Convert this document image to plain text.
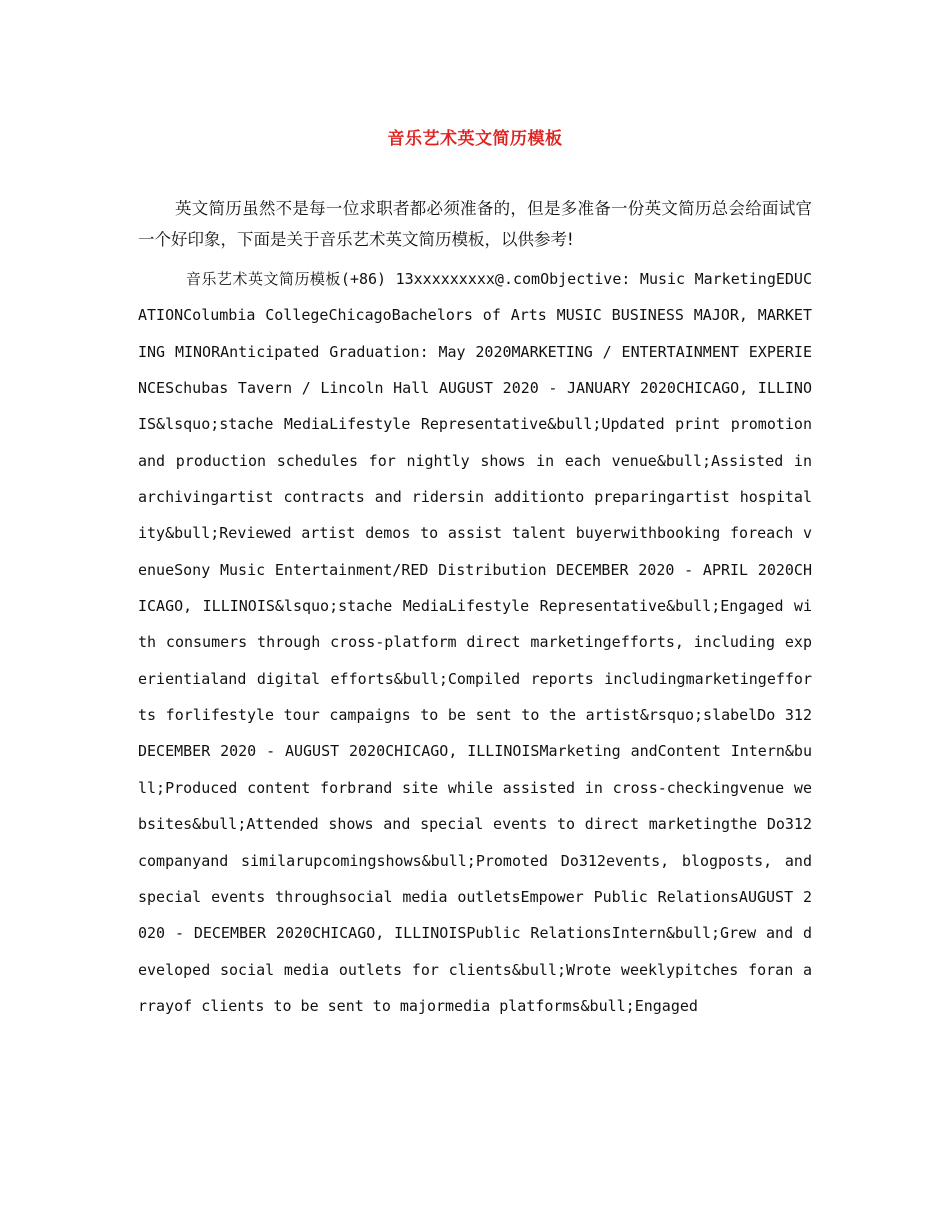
音乐艺术英文简历模板

英文简历虽然不是每一位求职者都必须准备的，但是多准备一份英文简历总会给面试官一个好印象，下面是关于音乐艺术英文简历模板，以供参考!

音乐艺术英文简历模板(+86) 13xxxxxxxxx@.comObjective: Music MarketingEDUCATIONColumbia CollegeChicagoBachelors of Arts MUSIC BUSINESS MAJOR, MARKETING MINORAnticipated Graduation: May 2020MARKETING / ENTERTAINMENT EXPERIENCESchubas Tavern / Lincoln Hall AUGUST 2020 - JANUARY 2020CHICAGO, ILLINOIS&lsquo;stache MediaLifestyle Representative&bull;Updated print promotion and production schedules for nightly shows in each venue&bull;Assisted in archivingartist contracts and ridersin additionto preparingartist hospitality&bull;Reviewed artist demos to assist talent buyerwithbooking foreach venueSony Music Entertainment/RED Distribution DECEMBER 2020 - APRIL 2020CHICAGO, ILLINOIS&lsquo;stache MediaLifestyle Representative&bull;Engaged with consumers through cross-platform direct marketingefforts, including experientialand digital efforts&bull;Compiled reports includingmarketingefforts forlifestyle tour campaigns to be sent to the artist&rsquo;slabelDo 312DECEMBER 2020 - AUGUST 2020CHICAGO, ILLINOISMarketing andContent Intern&bull;Produced content forbrand site while assisted in cross-checkingvenue websites&bull;Attended shows and special events to direct marketingthe Do312companyand similarupcomingshows&bull;Promoted Do312events, blogposts, and special events throughsocial media outletsEmpower Public RelationsAUGUST 2020 - DECEMBER 2020CHICAGO, ILLINOISPublic RelationsIntern&bull;Grew and developed social media outlets for clients&bull;Wrote weeklypitches foran arrayof clients to be sent to majormedia platforms&bull;Engaged
